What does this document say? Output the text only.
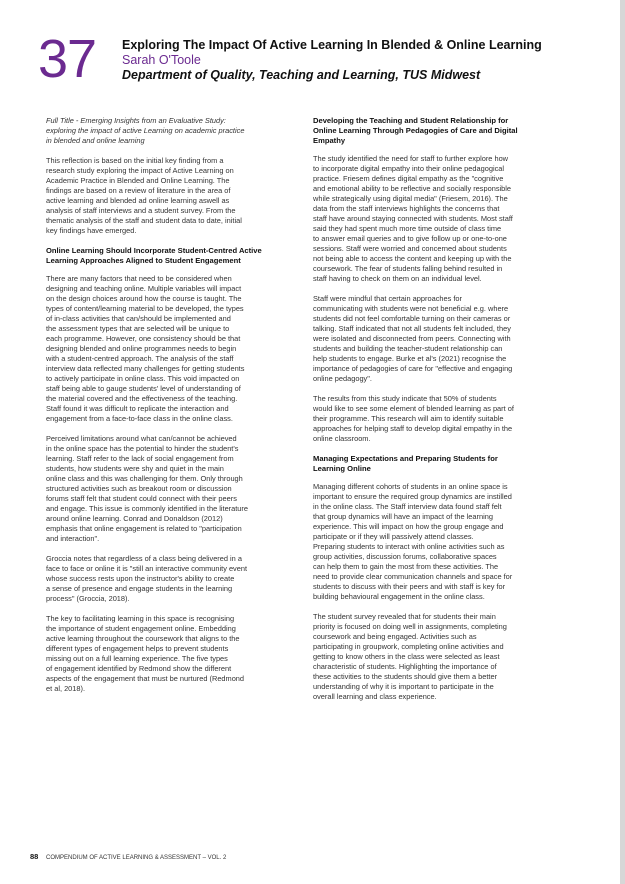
37 Exploring The Impact Of Active Learning In Blended & Online Learning
Sarah O'Toole
Department of Quality, Teaching and Learning, TUS Midwest

Full Title - Emerging Insights from an Evaluative Study:
exploring the impact of active Learning on academic practice
in blended and online learning

This reflection is based on the initial key finding from a
research study exploring the impact of Active Learning on
Academic Practice in Blended and Online Learning. The
findings are based on a review of literature in the area of
active learning and blended ad online learning aswell as
analysis of staff interviews and a student survey. From the
thematic analysis of the staff and student data to date, initial
key findings have emerged.

Online Learning Should Incorporate Student-Centred Active
Learning Approaches Aligned to Student Engagement

There are many factors that need to be considered when
designing and teaching online. Multiple variables will impact
on the design choices around how the course is taught. The
types of content/learning material to be developed, the types
of in-class activities that can/should be implemented and
the assessment types that are selected will be unique to
each programme. However, one consistency should be that
designing blended and online programmes needs to begin
with a student-centred approach. The analysis of the staff
interview data reflected many challenges for getting students
to actively participate in online class. This void impacted on
staff being able to gauge students' level of understanding of
the material covered and the effectiveness of the teaching.
Staff found it was difficult to replicate the interaction and
engagement from a face-to-face class in the online class.

Perceived limitations around what can/cannot be achieved
in the online space has the potential to hinder the student's
learning. Staff refer to the lack of social engagement from
students, how students were shy and quiet in the main
online class and this was challenging for them. Only through
structured activities such as breakout room or discussion
forums staff felt that student could connect with their peers
and engage. This issue is commonly identified in the literature
around online learning. Conrad and Donaldson (2012)
emphasis that online engagement is related to "participation
and interaction".

Groccia notes that regardless of a class being delivered in a
face to face or online it is "still an interactive community event
whose success rests upon the instructor's ability to create
a sense of presence and engage students in the learning
process" (Groccia, 2018).

The key to facilitating learning in this space is recognising
the importance of student engagement online. Embedding
active learning throughout the coursework that aligns to the
different types of engagement helps to prevent students
missing out on a full learning experience. The five types
of engagement identified by Redmond show the different
aspects of the engagement that must be nurtured (Redmond
et al, 2018).

Developing the Teaching and Student Relationship for
Online Learning Through Pedagogies of Care and Digital
Empathy

The study identified the need for staff to further explore how
to incorporate digital empathy into their online pedagogical
practice. Friesem defines digital empathy as the "cognitive
and emotional ability to be reflective and socially responsible
while strategically using digital media" (Friesem, 2016). The
data from the staff interviews highlights the concerns that
staff have around staying connected with students. Most staff
said they had spent much more time outside of class time
to answer email queries and to give follow up or one-to-one
sessions. Staff were worried and concerned about students
not being able to access the content and keeping up with the
coursework. The fear of students falling behind resulted in
staff having to check on them on an individual level.

Staff were mindful that certain approaches for
communicating with students were not beneficial e.g. where
students did not feel comfortable turning on their cameras or
talking. Staff indicated that not all students felt included, they
were isolated and disconnected from peers. Connecting with
students and building the teacher-student relationship can
help students to engage. Burke et al's (2021) recognise the
importance of pedagogies of care for "effective and engaging
online pedagogy".

The results from this study indicate that 50% of students
would like to see some element of blended learning as part of
their programme. This research will aim to identify suitable
approaches for helping staff to develop digital empathy in the
online classroom.

Managing Expectations and Preparing Students for
Learning Online

Managing different cohorts of students in an online space is
important to ensure the required group dynamics are instilled
in the online class. The Staff interview data found staff felt
that group dynamics will have an impact of the learning
experience. This will impact on how the group engage and
participate or if they will passively attend classes.
Preparing students to interact with online activities such as
group activities, discussion forums, collaborative spaces
can help them to gain the most from these activities. The
need to provide clear communication channels and space for
students to discuss with their peers and with staff is key for
building behavioural engagement in the online class.

The student survey revealed that for students their main
priority is focused on doing well in assignments, completing
coursework and being engaged. Activities such as
participating in groupwork, completing online activities and
getting to know others in the class were selected as least
characteristic of students. Highlighting the importance of
these activities to the students should give them a better
understanding of why it is important to participate in the
overall learning and class experience.

88 COMPENDIUM OF ACTIVE LEARNING & ASSESSMENT – VOL. 2
